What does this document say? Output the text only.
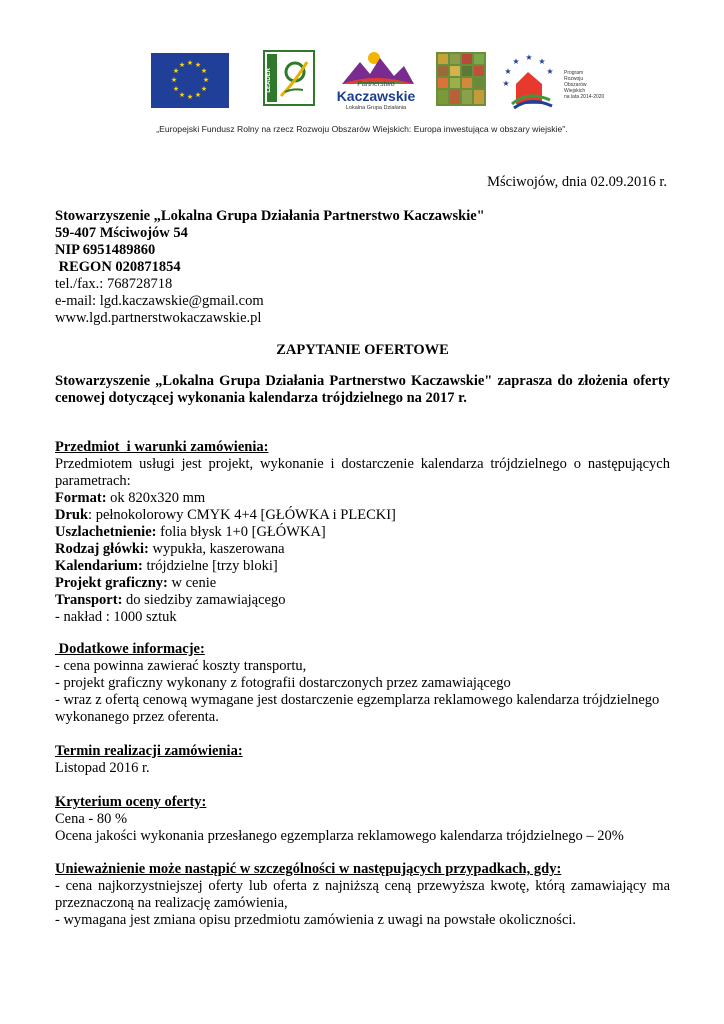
★ ★
★
★
★
★
★
★
★
★
★
★
LEADER	Partnerstwo
Kaczawskie
Lokalna Grupa Działania
★ ★
★
★
★
★
Program
Rozwoju
Obszarów
Wiejskich
na lata 2014-2020
„Europejski Fundusz Rolny na rzecz Rozwoju Obszarów Wiejskich: Europa inwestująca w obszary wiejskie".
Mściwojów, dnia 02.09.2016 r.

Stowarzyszenie „Lokalna Grupa Działania Partnerstwo Kaczawskie"

59-407 Mściwojów 54

NIP 6951489860

REGON 020871854

tel./fax.: 768728718

e-mail: lgd.kaczawskie@gmail.com

www.lgd.partnerstwokaczawskie.pl

ZAPYTANIE OFERTOWE
Stowarzyszenie „Lokalna Grupa Działania Partnerstwo Kaczawskie" zaprasza do złożenia oferty cenowej dotyczącej wykonania kalendarza trójdzielnego na 2017 r.

Przedmiot  i warunki zamówienia:

Przedmiotem usługi jest projekt, wykonanie i dostarczenie kalendarza trójdzielnego o następujących parametrach:

Format: ok 820x320 mm

Druk: pełnokolorowy CMYK 4+4 [GŁÓWKA i PLECKI]

Uszlachetnienie: folia błysk 1+0 [GŁÓWKA]

Rodzaj główki: wypukła, kaszerowana

Kalendarium: trójdzielne [trzy bloki]

Projekt graficzny: w cenie

Transport: do siedziby zamawiającego

- nakład : 1000 sztuk

Dodatkowe informacje:

- cena powinna zawierać koszty transportu,

- projekt graficzny wykonany z fotografii dostarczonych przez zamawiającego

- wraz z ofertą cenową wymagane jest dostarczenie egzemplarza reklamowego kalendarza trójdzielnego wykonanego przez oferenta.

Termin realizacji zamówienia:

Listopad 2016 r.

Kryterium oceny oferty:

Cena - 80 %

Ocena jakości wykonania przesłanego egzemplarza reklamowego kalendarza trójdzielnego – 20%

Unieważnienie może nastąpić w szczególności w następujących przypadkach, gdy:

- cena najkorzystniejszej oferty lub oferta z najniższą ceną przewyższa kwotę, którą zamawiający ma przeznaczoną na realizację zamówienia,

- wymagana jest zmiana opisu przedmiotu zamówienia z uwagi na powstałe okoliczności.
